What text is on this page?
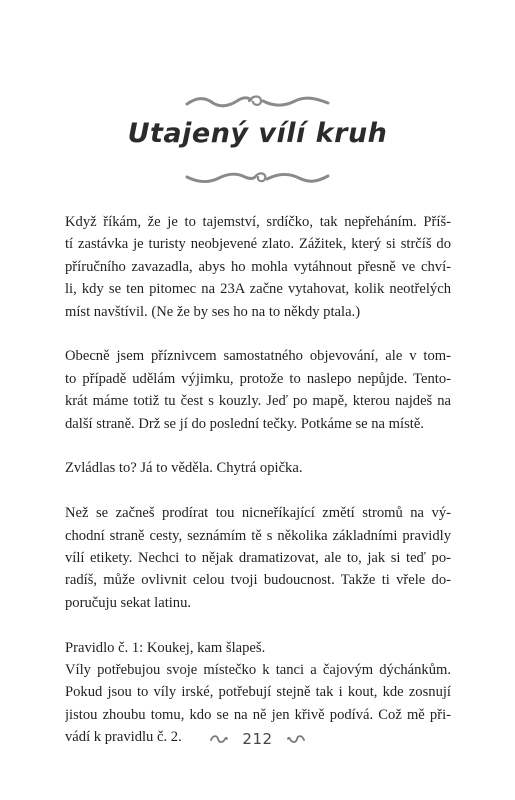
Utajený vílí kruh

Když říkám, že je to tajemství, srdíčko, tak nepřeháním. Příš-
tí zastávka je turisty neobjevené zlato. Zážitek, který si strčíš do
příručního zavazadla, abys ho mohla vytáhnout přesně ve chví-
li, kdy se ten pitomec na 23A začne vytahovat, kolik neotřelých
míst navštívil. (Ne že by ses ho na to někdy ptala.)

Obecně jsem příznivcem samostatného objevování, ale v tom-
to případě udělám výjimku, protože to naslepo nepůjde. Tento-
krát máme totiž tu čest s kouzly. Jeď po mapě, kterou najdeš na
další straně. Drž se jí do poslední tečky. Potkáme se na místě.

Zvládlas to? Já to věděla. Chytrá opička.

Než se začneš prodírat tou nicneříkající změtí stromů na vý-
chodní straně cesty, seznámím tě s několika základními pravidly
vílí etikety. Nechci to nějak dramatizovat, ale to, jak si teď po-
radíš, může ovlivnit celou tvoji budoucnost. Takže ti vřele do-
poručuju sekat latinu.

Pravidlo č. 1: Koukej, kam šlapeš.
Víly potřebujou svoje místečko k tanci a čajovým dýchánkům.
Pokud jsou to víly irské, potřebují stejně tak i kout, kde zosnují
jistou zhoubu tomu, kdo se na ně jen křivě podívá. Což mě při-
vádí k pravidlu č. 2.	212
